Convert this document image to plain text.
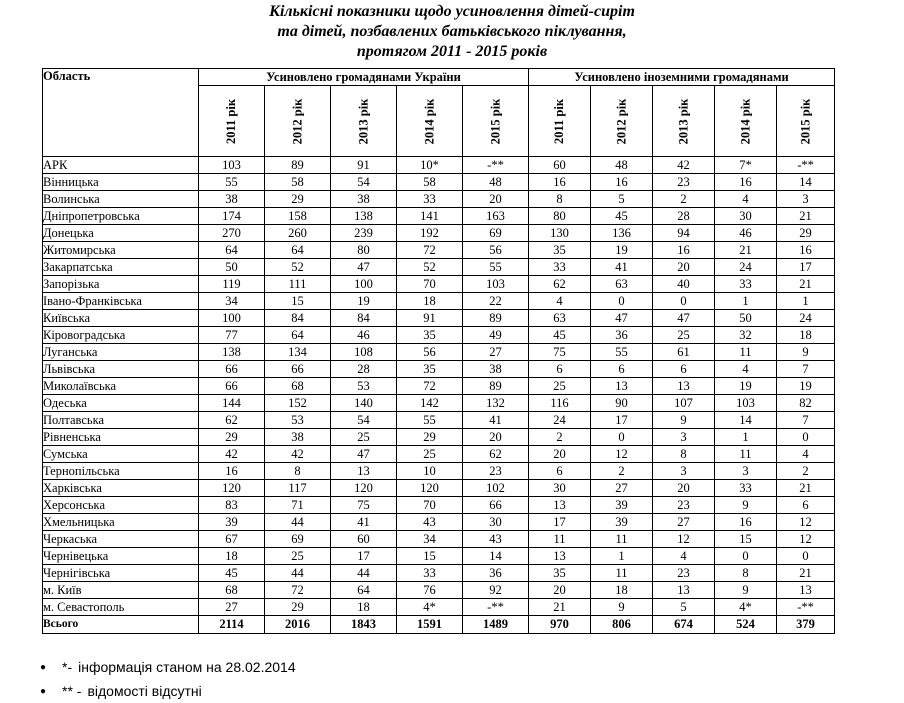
Кількісні показники щодо усиновлення дітей-сиріт
та дітей, позбавлених батьківського піклування,
протягом 2011 - 2015 років
Область	Усиновлено громадянами України					Усиновлено іноземними громадянами				

	2011 рік	2012 рік	2013 рік	2014 рік	2015 рік	2011 рік	2012 рік	2013 рік	2014 рік	2015 рік

АРК	103	89	91	10*	-**	60	48	42	7*	-**
Вінницька	55	58	54	58	48	16	16	23	16	14
Волинська	38	29	38	33	20	8	5	2	4	3
Дніпропетровська	174	158	138	141	163	80	45	28	30	21
Донецька	270	260	239	192	69	130	136	94	46	29
Житомирська	64	64	80	72	56	35	19	16	21	16
Закарпатська	50	52	47	52	55	33	41	20	24	17
Запорізька	119	111	100	70	103	62	63	40	33	21
Івано-Франківська	34	15	19	18	22	4	0	0	1	1
Київська	100	84	84	91	89	63	47	47	50	24
Кіровоградська	77	64	46	35	49	45	36	25	32	18
Луганська	138	134	108	56	27	75	55	61	11	9
Львівська	66	66	28	35	38	6	6	6	4	7
Миколаївська	66	68	53	72	89	25	13	13	19	19
Одеська	144	152	140	142	132	116	90	107	103	82
Полтавська	62	53	54	55	41	24	17	9	14	7
Рівненська	29	38	25	29	20	2	0	3	1	0
Сумська	42	42	47	25	62	20	12	8	11	4
Тернопільська	16	8	13	10	23	6	2	3	3	2
Харківська	120	117	120	120	102	30	27	20	33	21
Херсонська	83	71	75	70	66	13	39	23	9	6
Хмельницька	39	44	41	43	30	17	39	27	16	12
Черкаська	67	69	60	34	43	11	11	12	15	12
Чернівецька	18	25	17	15	14	13	1	4	0	0
Чернігівська	45	44	44	33	36	35	11	23	8	21
м. Київ	68	72	64	76	92	20	18	13	9	13
м. Севастополь	27	29	18	4*	-**	21	9	5	4*	-**
Всього	2114	2016	1843	1591	1489	970	806	674	524	379
●	*- інформація станом на 28.02.2014
●	** - відомості відсутні
